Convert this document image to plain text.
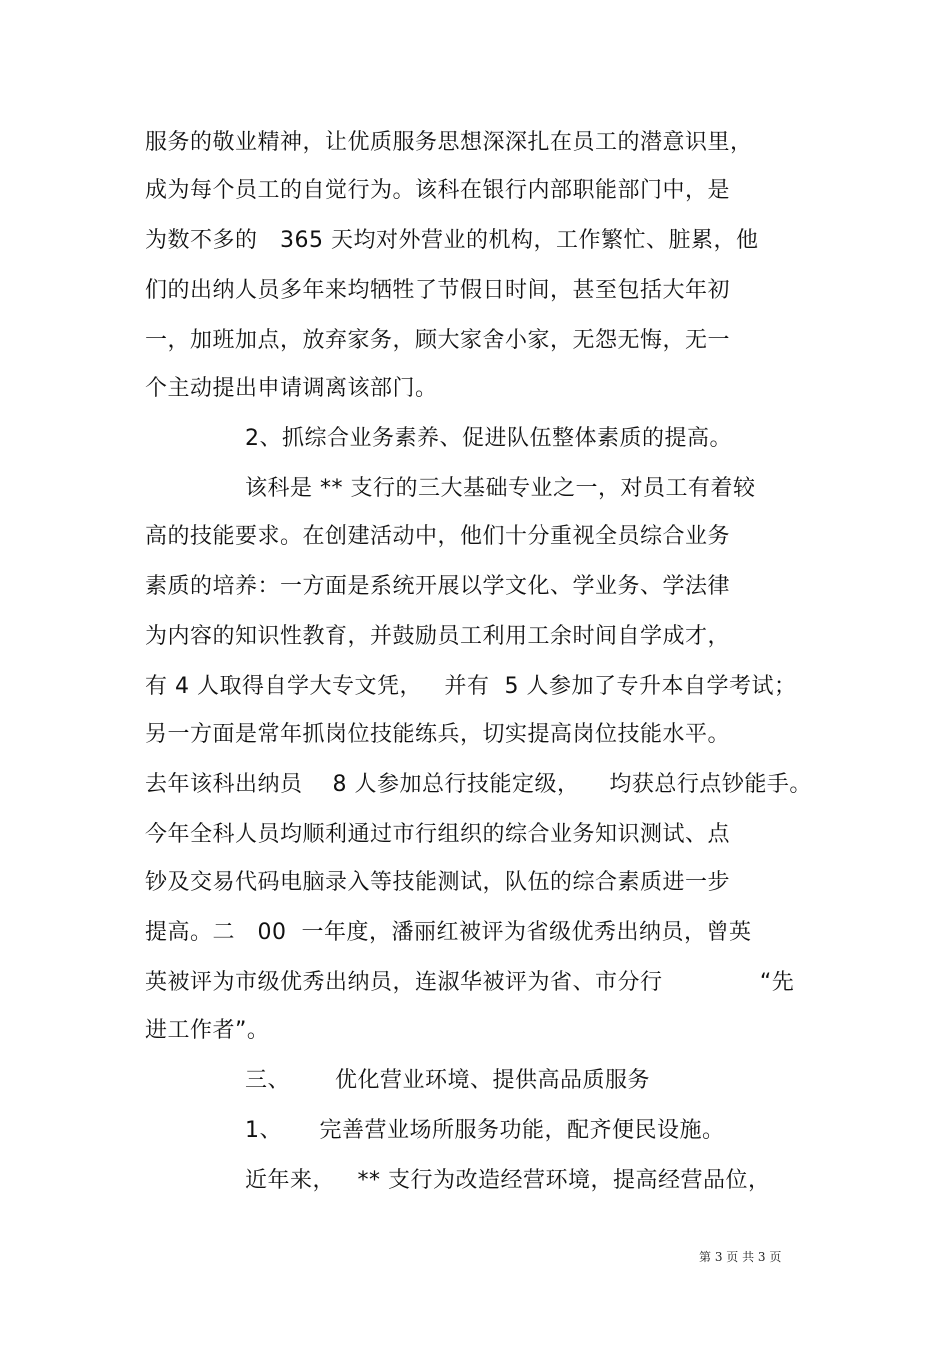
服务的敬业精神，让优质服务思想深深扎在员工的潜意识里，
成为每个员工的自觉行为。该科在银行内部职能部门中，是
为数不多的   365 天均对外营业的机构，工作繁忙、脏累，他
们的出纳人员多年来均牺牲了节假日时间，甚至包括大年初
一，加班加点，放弃家务，顾大家舍小家，无怨无悔，无一
个主动提出申请调离该部门。
2、抓综合业务素养、促进队伍整体素质的提高。
该科是 ** 支行的三大基础专业之一，对员工有着较
高的技能要求。在创建活动中，他们十分重视全员综合业务
素质的培养：一方面是系统开展以学文化、学业务、学法律
为内容的知识性教育，并鼓励员工利用工余时间自学成才，
有 4 人取得自学大专文凭，   并有  5 人参加了专升本自学考试；
另一方面是常年抓岗位技能练兵，切实提高岗位技能水平。
去年该科出纳员    8 人参加总行技能定级，    均获总行点钞能手。
今年全科人员均顺利通过市行组织的综合业务知识测试、点
钞及交易代码电脑录入等技能测试，队伍的综合素质进一步
提高。二   00  一年度，潘丽红被评为省级优秀出纳员，曾英
英被评为市级优秀出纳员，连淑华被评为省、市分行             “先
进工作者”。
三、      优化营业环境、提供高品质服务
1、     完善营业场所服务功能，配齐便民设施。
近年来，   ** 支行为改造经营环境，提高经营品位，
第 3 页 共 3 页
